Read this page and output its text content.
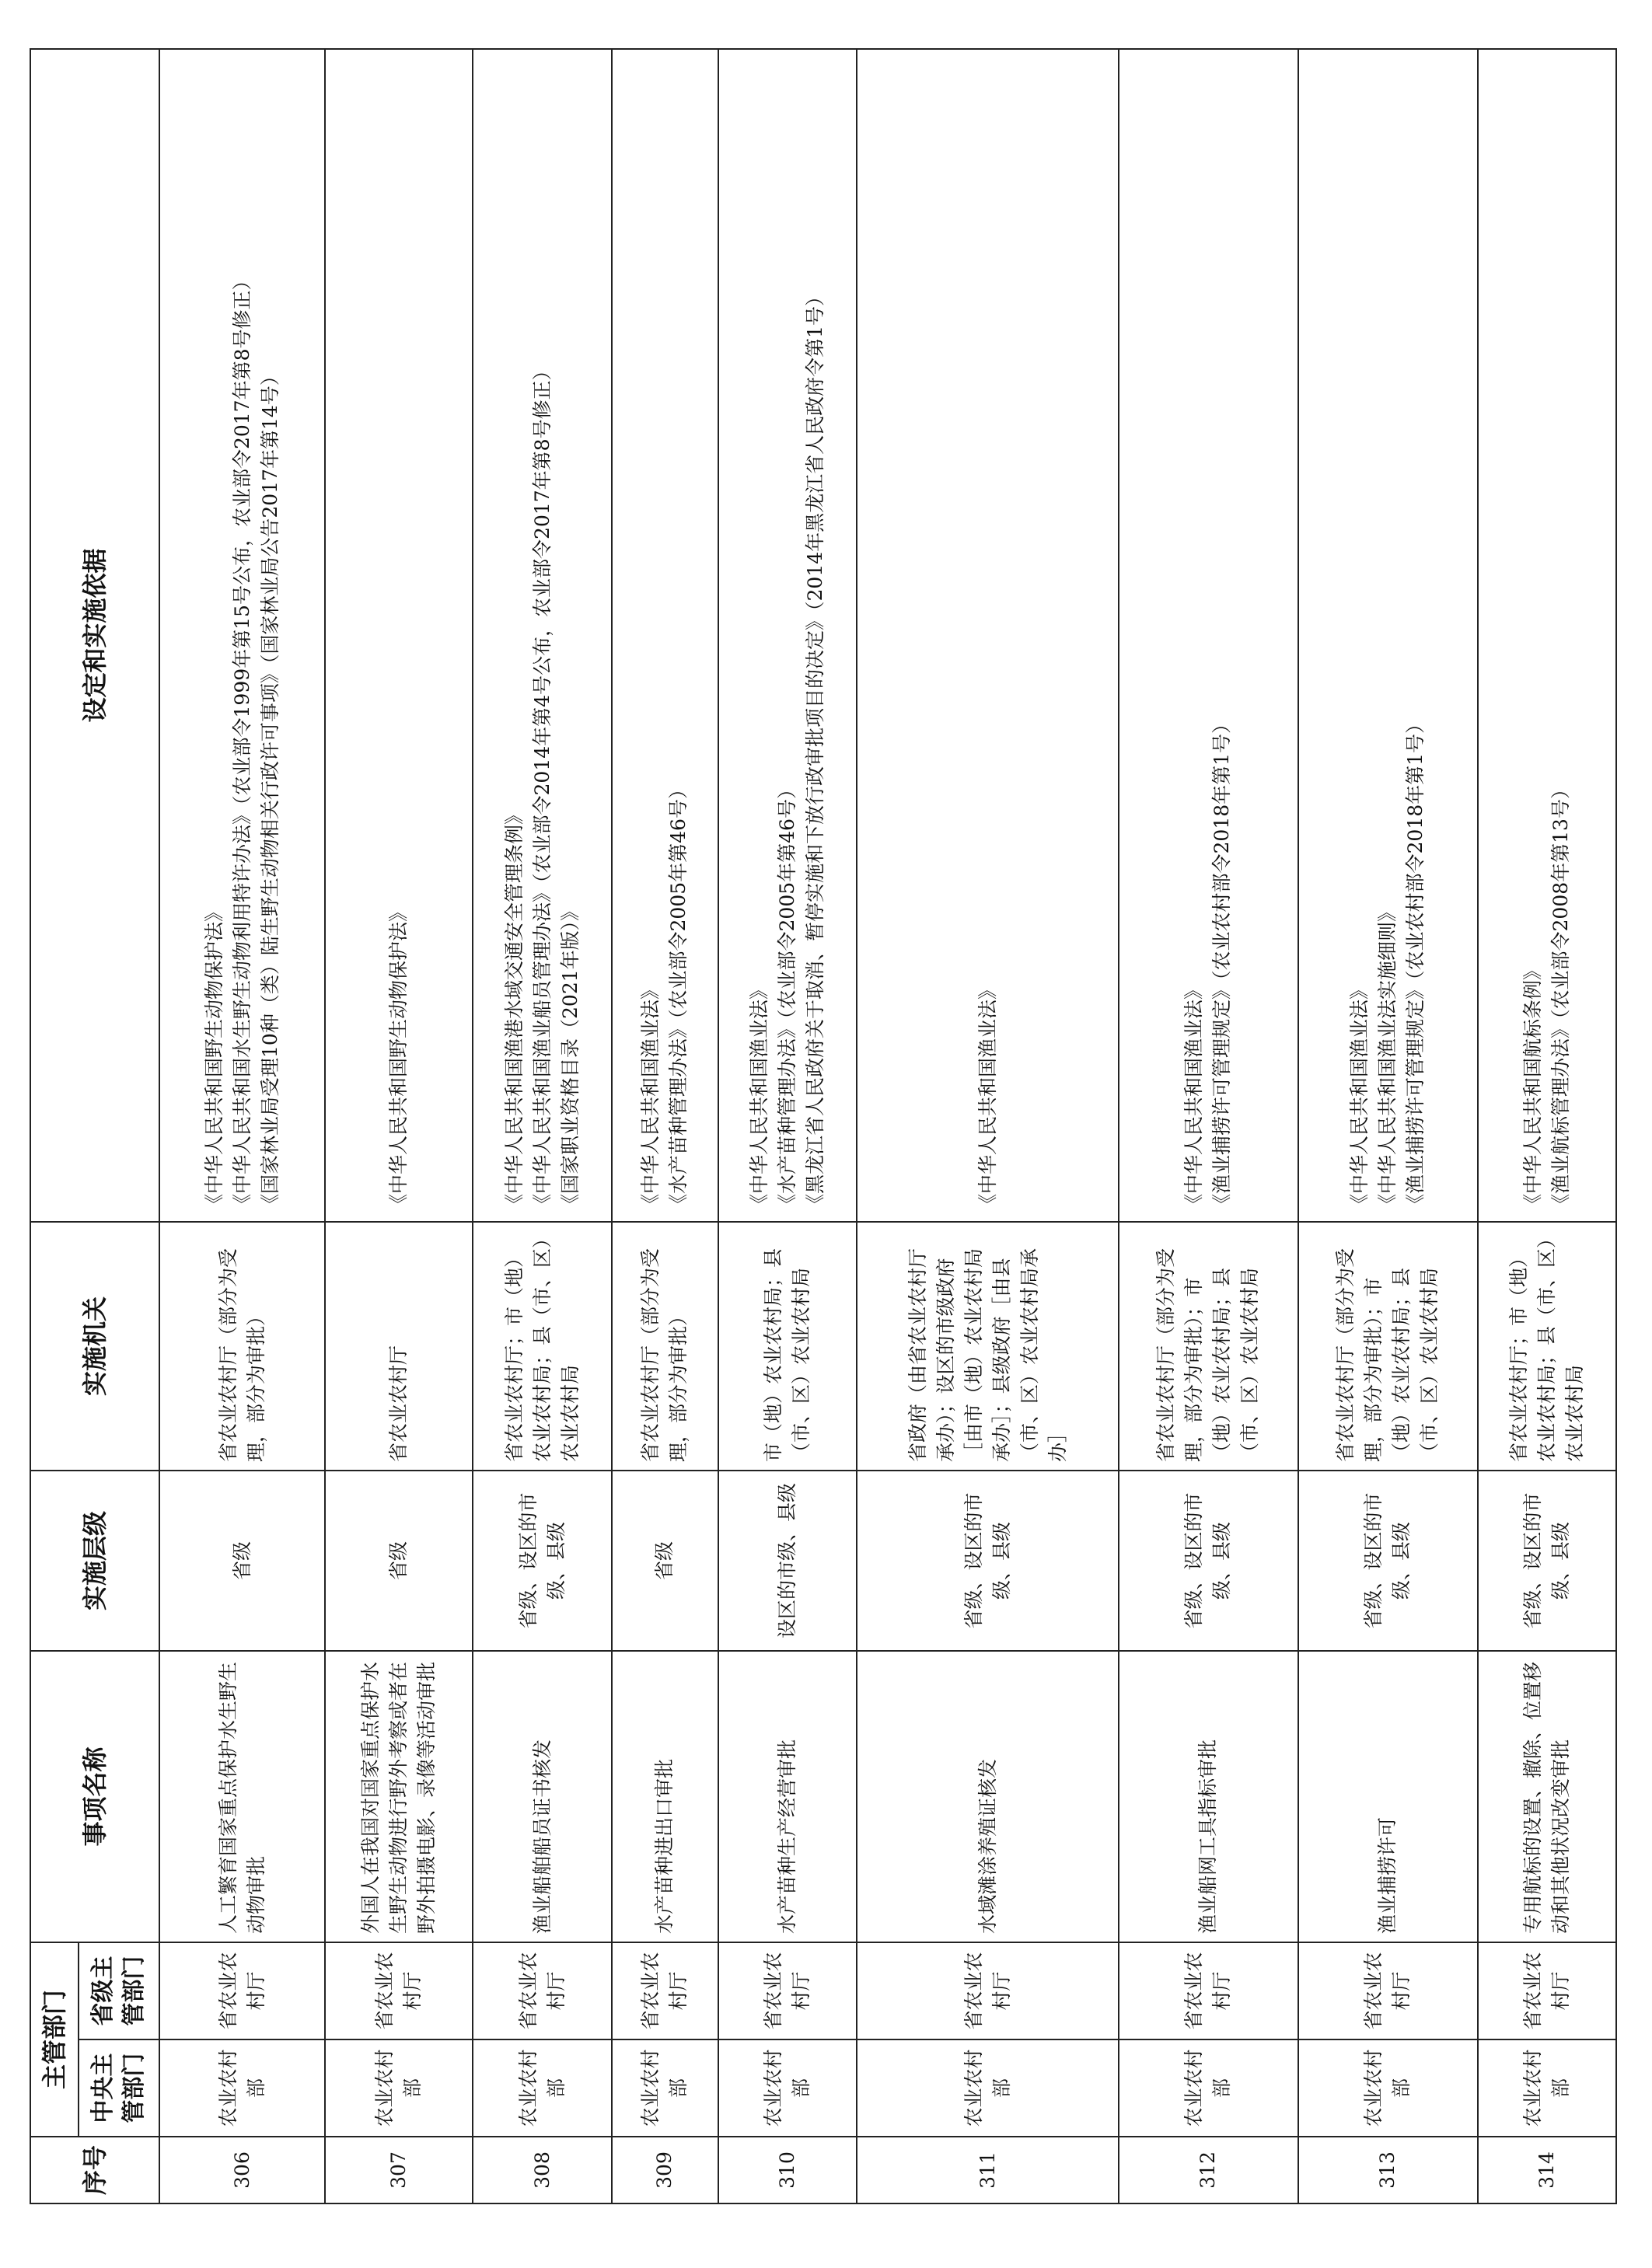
序号	主管部门		事项名称	实施层级	实施机关	设定和实施依据
	中央主管部门	省级主管部门				
306	农业农村部	省农业农村厅	人工繁育国家重点保护水生野生动物审批	省级	省农业农村厅（部分为受理，部分为审批）	《中华人民共和国野生动物保护法》 《中华人民共和国水生野生动物利用特许办法》（农业部令1999年第15号公布，农业部令2017年第8号修正） 《国家林业局受理10种（类）陆生野生动物相关行政许可事项》（国家林业局公告2017年第14号）

307	农业农村部	省农业农村厅	外国人在我国对国家重点保护水生野生动物进行野外考察或者在野外拍摄电影、录像等活动审批	省级	省农业农村厅	《中华人民共和国野生动物保护法》

308	农业农村部	省农业农村厅	渔业船舶船员证书核发	省级、设区的市级、县级	省农业农村厅；市（地）农业农村局；县（市、区）农业农村局	《中华人民共和国渔港水域交通安全管理条例》 《中华人民共和国渔业船员管理办法》（农业部令2014年第4号公布，农业部令2017年第8号修正） 《国家职业资格目录（2021年版）》

309	农业农村部	省农业农村厅	水产苗种进出口审批	省级	省农业农村厅（部分为受理，部分为审批）	《中华人民共和国渔业法》 《水产苗种管理办法》（农业部令2005年第46号）

310	农业农村部	省农业农村厅	水产苗种生产经营审批	设区的市级、县级	市（地）农业农村局；县（市、区）农业农村局	《中华人民共和国渔业法》 《水产苗种管理办法》（农业部令2005年第46号） 《黑龙江省人民政府关于取消、暂停实施和下放行政审批项目的决定》（2014年黑龙江省人民政府令第1号）

311	农业农村部	省农业农村厅	水域滩涂养殖证核发	省级、设区的市级、县级	省政府（由省农业农村厅承办）；设区的市级政府［由市（地）农业农村局承办］；县级政府［由县（市、区）农业农村局承办］	《中华人民共和国渔业法》

312	农业农村部	省农业农村厅	渔业船网工具指标审批	省级、设区的市级、县级	省农业农村厅（部分为受理，部分为审批）；市（地）农业农村局；县（市、区）农业农村局	《中华人民共和国渔业法》 《渔业捕捞许可管理规定》（农业农村部令2018年第1号）

313	农业农村部	省农业农村厅	渔业捕捞许可	省级、设区的市级、县级	省农业农村厅（部分为受理，部分为审批）；市（地）农业农村局；县（市、区）农业农村局	《中华人民共和国渔业法》 《中华人民共和国渔业法实施细则》 《渔业捕捞许可管理规定》（农业农村部令2018年第1号）

314	农业农村部	省农业农村厅	专用航标的设置、撤除、位置移动和其他状况改变审批	省级、设区的市级、县级	省农业农村厅；市（地）农业农村局；县（市、区）农业农村局	《中华人民共和国航标条例》 《渔业航标管理办法》（农业部令2008年第13号）
